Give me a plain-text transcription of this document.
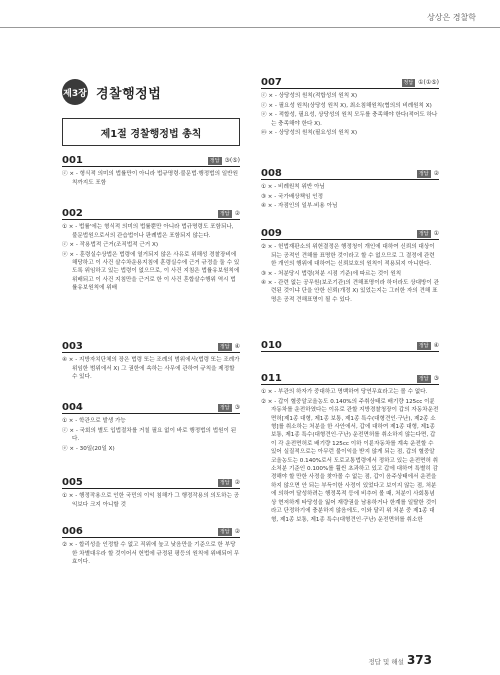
상상은 경찰학
제3장 경찰행정법
제1절 경찰행정법 총칙
001	정답 ③(⑤)

ⓒ × - 형식적 의미의 법률만이 아니라 법규명령·불문법·행정법의 일반원칙까지도 포함

002	정답 ②

① × - 법률'에는 형식적 의미의 법률뿐만 아니라 법규명령도 포함되나, 불문법원으로서의 관습법이나 판례법은 포함되지 않는다.

ⓒ × - 작용법적 근거(조직법적 근거 X)

ⓔ × - 훈령실수상법은 법령에 열거되지 않은 사유로 위해성 경찰장비에 해당하고 이 사건 살수차운용지침에 훈령실수에 근거 규정을 둘 수 있도록 위임하고 있는 법령이 없으므로, 이 사건 지침은 법률유보원칙에 위배되고 이 사건 지침만을 근거로 한 이 사건 혼합살수행위 역시 법률유보원칙에 위배

003	정답 ④

④ × - 지방자치단체의 장은 법령 또는 조례의 범위에서(법령 또는 조례가 위임한 범위에서 X) 그 권한에 속하는 사무에 관하여 규칙을 제정할 수 있다.

004	정답 ③

① × - 학관으로 발생 가능

ⓒ × - 국회의 별도 입법절차를 거칠 필요 없이 바로 행정법의 법원이 된다.

ⓔ × - 30일(20일 X)

005	정답 ②

① × - 행정작용으로 인한 국민의 이익 침해가 그 행정작용의 의도하는 공익보다 크지 아니할 것

006	정답 ②

② × - 합리성을 인정할 수 없고 직위에 높고 낮음만을 기준으로 한 부당한 차별대우라 할 것이어서 헌법에 규정된 평등의 원칙에 위배되어 무효이다.

007	정답 ①(①⑤)

ⓒ × - 상당성의 원칙(적합성의 원칙 X)

ⓒ × - 필요성 원칙(상당성 원칙 X), 최소침해원칙(협의의 비례원칙 X)

ⓔ × - 적합성, 필요성, 상당성의 원칙 모두를 충족해야 한다(적어도 하나는 충족해야 한다 X).

ⓜ × - 상당성의 원칙(필요성의 원칙 X)

008	정답 ②

① × - 비례원칙 위반 아님

③ × - 국가배상책임 인정

④ × - 자점인의 일부·비용 아님

009	정답 ①

② × - 헌법재판소의 위헌결정은 행정청이 개인에 대하여 신뢰의 대상이 되는 공적인 견해를 표명한 것이라고 할 수 없으므로 그 결정에 관련한 개인의 행위에 대하여는 신뢰보호의 원칙이 적용되지 아니한다.

③ × - 처분당시 법령(처분 시점 기준)에 따르는 것이 원칙

④ × - 관련 없는 공무원(보조기관)의 견해표명이라 하더라도 상대방이 관련된 것이냐 단을 안한 신뢰(개정 X) 있었는지는 그러한 자의 견해 표명은 공적 견해표명이 될 수 있다.

010	정답 ④
011	정답 ③

① × - 부관의 하자가 중대하고 명백하여 당연무효라고는 볼 수 없다.

② × - 갑이 혈중알코올농도 0.140%의 주취상태로 배기량 125cc 이륜자동차를 운전하였다는 이유로 관할 지방경찰청장이 갑의 자동차운전면허[제1종 대형, 제1종 보통, 제1종 특수(대형견인·구난), 제2종 소형]를 취소하는 처분을 한 사안에서, 갑에 대하여 제1종 대형, 제1종 보통, 제1종 특수(대형견인·구난) 운전면허를 취소하지 않는다면, 갑이 각 운전면허로 배기량 125cc 이하 이륜자동차를 계속 운전할 수 있어 실질적으로는 아무런 불이익을 받지 않게 되는 점, 갑의 혈중알코올농도는 0.140%로서 도로교통법령에서 정하고 있는 운전면허 취소처분 기준인 0.100%를 훨씬 초과하고 있고 갑에 대하여 특별히 감경해야 할 만한 사정을 찾아볼 수 없는 점, 갑이 음주상태에서 운전을 하지 않으면 안 되는 부득이한 사정이 있었다고 보이지 않는 점, 처분에 의하여 달성하려는 행정목적 등에 비추어 볼 때, 처분이 사회통념상 현저하게 타당성을 잃어 재량권을 남용하거나 한계를 일탈한 것이라고 단정하기에 충분하지 않음에도, 이와 달리 위 처분 중 제1종 대형, 제1종 보통, 제1종 특수(대형견인·구난) 운전면허를 취소한

정답 및 해설 373
